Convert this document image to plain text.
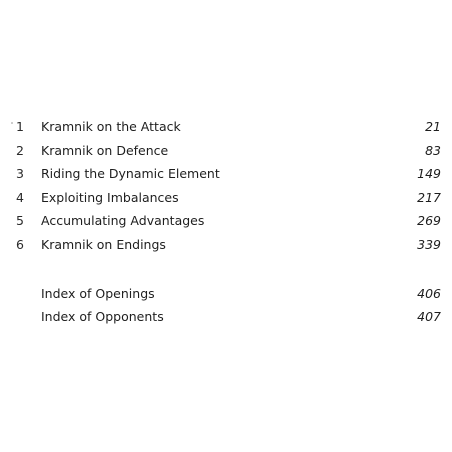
1 Kramnik on the Attack	21
2 Kramnik on Defence	83
3 Riding the Dynamic Element	149
4 Exploiting Imbalances	217
5 Accumulating Advantages	269
6 Kramnik on Endings	339
Index of Openings	406
Index of Opponents	407
